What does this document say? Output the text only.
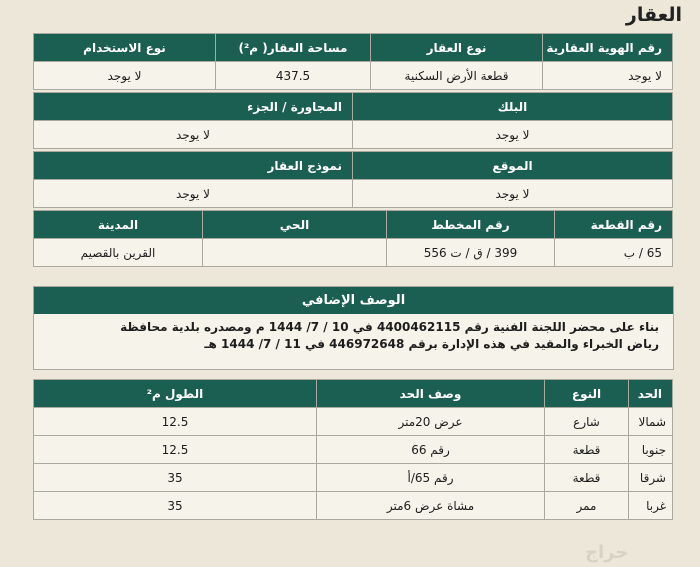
العقار
رقم الهوية العقارية	نوع العقار	مساحة العقار( م²)	نوع الاستخدام
لا يوجد	قطعة الأرض السكنية	437.5	لا يوجد
البلك	المجاورة / الجزء
لا يوجد	لا يوجد
الموقع	نموذج العقار
لا يوجد	لا يوجد
رقم القطعة	رقم المخطط	الحي	المدينة
65 / ب	399 / ق / ت 556		القرين بالقصيم
الوصف الإضافي
بناء على محضر اللجنة الفنية رقم 4400462115 في 10 / 7/ 1444 م ومصدره بلدية محافظة
رياض الخبراء والمقيد في هذه الإدارة برقم 446972648 في 11 / 7/ 1444 هـ
الحد	النوع	وصف الحد	الطول م²
شمالا	شارع	عرض 20متر	12.5
جنوبا	قطعة	رقم 66	12.5
شرقا	قطعة	رقم 65/أ	35
غربا	ممر	مشاة عرض 6متر	35
حراج
